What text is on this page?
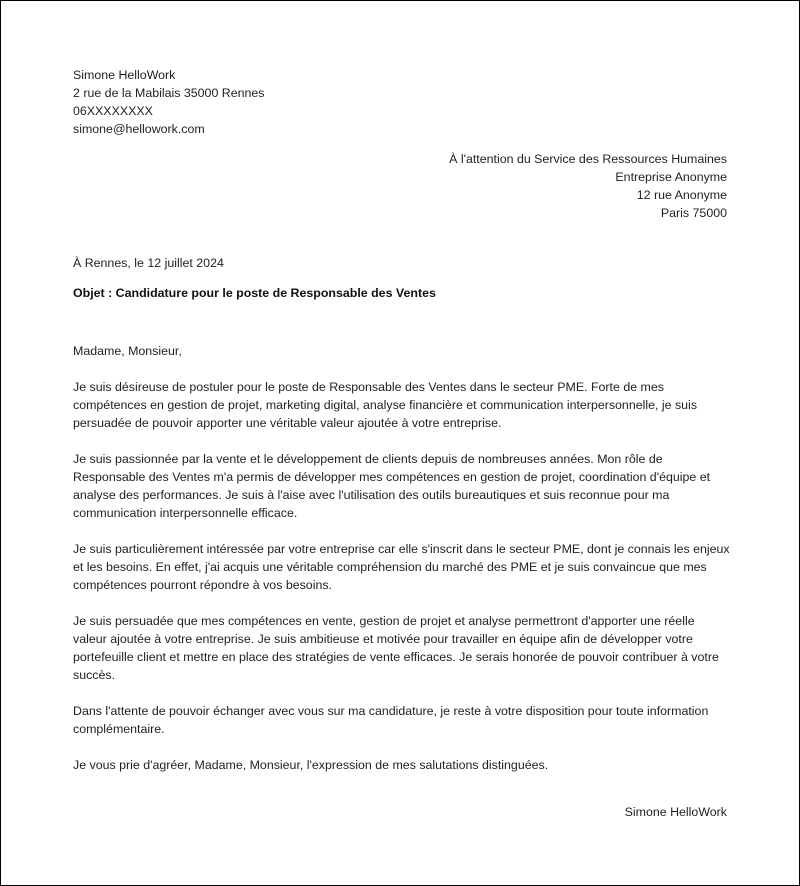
Simone HelloWork
2 rue de la Mabilais 35000 Rennes
06XXXXXXXX
simone@hellowork.com
À l'attention du Service des Ressources Humaines
Entreprise Anonyme
12 rue Anonyme
Paris 75000
À Rennes, le 12 juillet 2024
Objet : Candidature pour le poste de Responsable des Ventes

Madame, Monsieur,

Je suis désireuse de postuler pour le poste de Responsable des Ventes dans le secteur PME. Forte de mes compétences en gestion de projet, marketing digital, analyse financière et communication interpersonnelle, je suis persuadée de pouvoir apporter une véritable valeur ajoutée à votre entreprise.

Je suis passionnée par la vente et le développement de clients depuis de nombreuses années. Mon rôle de Responsable des Ventes m'a permis de développer mes compétences en gestion de projet, coordination d'équipe et analyse des performances. Je suis à l'aise avec l'utilisation des outils bureautiques et suis reconnue pour ma communication interpersonnelle efficace.

Je suis particulièrement intéressée par votre entreprise car elle s'inscrit dans le secteur PME, dont je connais les enjeux et les besoins. En effet, j'ai acquis une véritable compréhension du marché des PME et je suis convaincue que mes compétences pourront répondre à vos besoins.

Je suis persuadée que mes compétences en vente, gestion de projet et analyse permettront d'apporter une réelle valeur ajoutée à votre entreprise. Je suis ambitieuse et motivée pour travailler en équipe afin de développer votre portefeuille client et mettre en place des stratégies de vente efficaces. Je serais honorée de pouvoir contribuer à votre succès.

Dans l'attente de pouvoir échanger avec vous sur ma candidature, je reste à votre disposition pour toute information complémentaire.

Je vous prie d'agréer, Madame, Monsieur, l'expression de mes salutations distinguées.

Simone HelloWork
